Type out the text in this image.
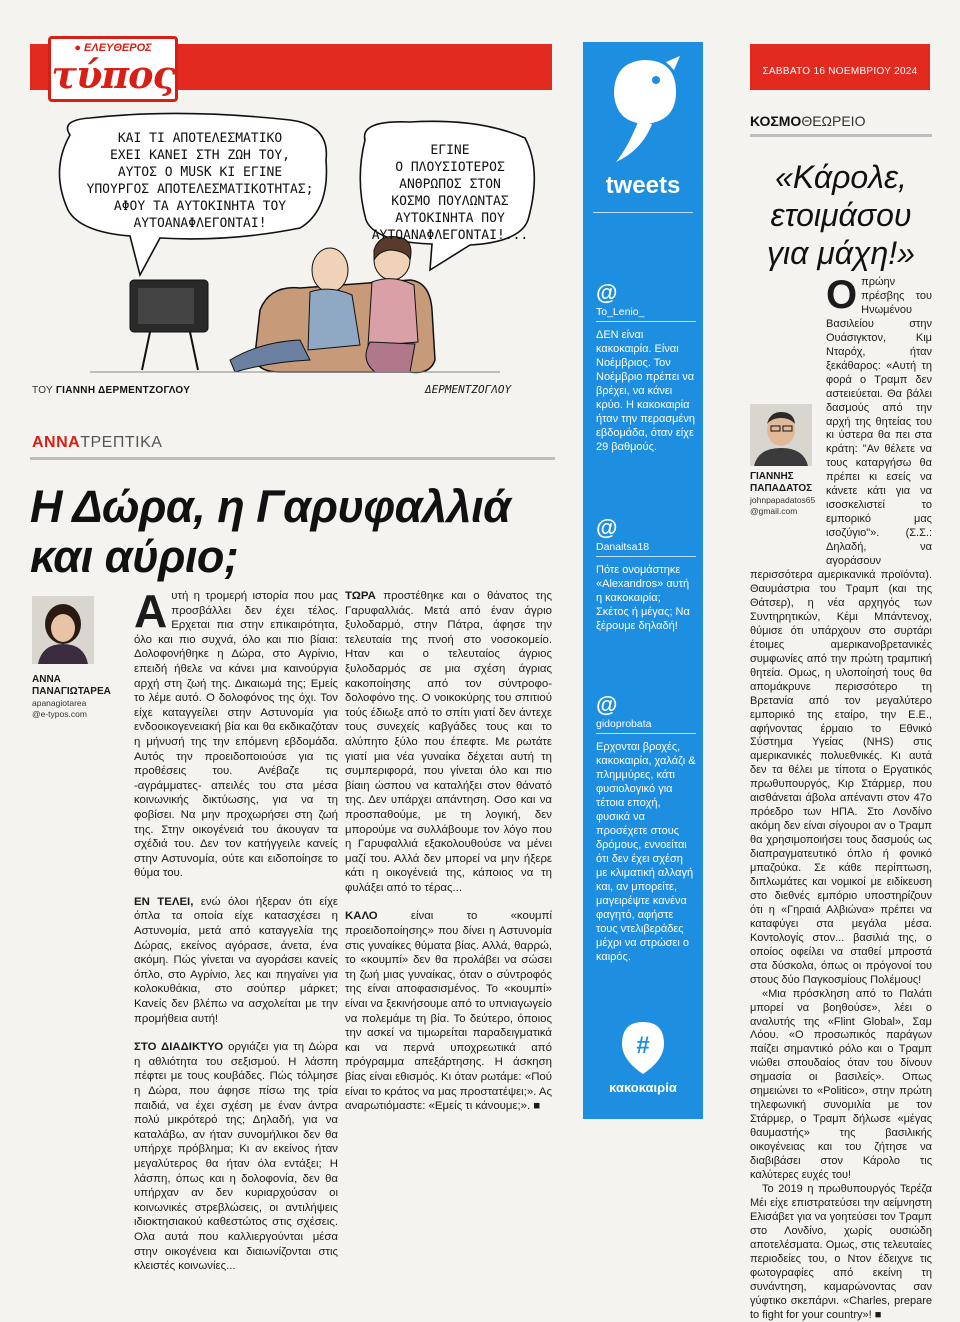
● ΕΛΕΥΘΕΡΟΣ
τύπος
ΚΑΙ ΤΙ ΑΠΟΤΕΛΕΣΜΑΤΙΚΟ
ΕΧΕΙ ΚΑΝΕΙ ΣΤΗ ΖΩΗ ΤΟΥ,
ΑΥΤΟΣ Ο MUSK ΚΙ ΕΓΙΝΕ
ΥΠΟΥΡΓΟΣ ΑΠΟΤΕΛΕΣΜΑΤΙΚΟΤΗΤΑΣ;
ΑΦΟΥ ΤΑ ΑΥΤΟΚΙΝΗΤΑ ΤΟΥ
ΑΥΤΟΑΝΑΦΛΕΓΟΝΤΑΙ!
ΕΓΙΝΕ
Ο ΠΛΟΥΣΙΟΤΕΡΟΣ
ΑΝΘΡΩΠΟΣ ΣΤΟΝ
ΚΟΣΜΟ ΠΟΥΛΩΝΤΑΣ
ΑΥΤΟΚΙΝΗΤΑ ΠΟΥ
ΑΥΤΟΑΝΑΦΛΕΓΟΝΤΑΙ!...
ΤΟΥ ΓΙΑΝΝΗ ΔΕΡΜΕΝΤΖΟΓΛΟΥ	ΔΕΡΜΕΝΤΖΟΓΛΟΥ
ΑΝΝΑΤΡΕΠΤΙΚΑ
Η Δώρα, η Γαρυφαλλιά
και αύριο;
ΑΝΝΑ
ΠΑΝΑΓΙΩΤΑΡΕΑ
apanagiotarea
@e-typos.com

Αυτή η τρομερή ιστορία που μας προσβάλλει δεν έχει τέλος. Ερχεται πια στην επικαιρότητα, όλο και πιο συχνά, όλο και πιο βίαια: Δολοφονήθηκε η Δώρα, στο Αγρίνιο, επειδή ήθελε να κάνει μια καινούργια αρχή στη ζωή της. Δικαιωμά της; Εμείς το λέμε αυτό. Ο δολοφόνος της όχι. Τον είχε καταγγείλει στην Αστυνομία για ενδοοικογενειακή βία και θα εκδικαζόταν η μήνυσή της την επόμενη εβδομάδα. Αυτός την προειδοποιούσε για τις προθέσεις του. Ανέβαζε τις -αγράμματες- απειλές του στα μέσα κοινωνικής δικτύωσης, για να τη φοβίσει. Να μην προχωρήσει στη ζωή της. Στην οικογένειά του άκουγαν τα σχέδιά του. Δεν τον κατήγγειλε κανείς στην Αστυνομία, ούτε και ειδοποίησε το θύμα του.

ΕΝ ΤΕΛΕΙ, ενώ όλοι ήξεραν ότι είχε όπλα τα οποία είχε κατασχέσει η Αστυνομία, μετά από καταγγελία της Δώρας, εκείνος αγόρασε, άνετα, ένα ακόμη. Πώς γίνεται να αγοράσει κανείς όπλο, στο Αγρίνιο, λες και πηγαίνει για κολοκυθάκια, στο σούπερ μάρκετ; Κανείς δεν βλέπω να ασχολείται με την προμήθεια αυτή!

ΣΤΟ ΔΙΑΔΙΚΤΥΟ οργιάζει για τη Δώρα η αθλιότητα του σεξισμού. Η λάσπη πέφτει με τους κουβάδες. Πώς τόλμησε η Δώρα, που άφησε πίσω της τρία παιδιά, να έχει σχέση με έναν άντρα πολύ μικρότερό της; Δηλαδή, για να καταλάβω, αν ήταν συνομήλικοι δεν θα υπήρχε πρόβλημα; Κι αν εκείνος ήταν μεγαλύτερος θα ήταν όλα εντάξει; Η λάσπη, όπως και η δολοφονία, δεν θα υπήρχαν αν δεν κυριαρχούσαν οι κοινωνικές στρεβλώσεις, οι αντιλήψεις ιδιοκτησιακού καθεστώτος στις σχέσεις. Ολα αυτά που καλλιεργούνται μέσα στην οικογένεια και διαιωνίζονται στις κλειστές κοινωνίες...

ΤΩΡΑ προστέθηκε και ο θάνατος της Γαρυφαλλιάς. Μετά από έναν άγριο ξυλοδαρμό, στην Πάτρα, άφησε την τελευταία της πνοή στο νοσοκομείο. Ηταν και ο τελευταίος άγριος ξυλοδαρμός σε μια σχέση άγριας κακοποίησης από τον σύντροφο-δολοφόνο της. Ο νοικοκύρης του σπιτιού τούς έδιωξε από το σπίτι γιατί δεν άντεχε τους συνεχείς καβγάδες τους και το αλύπητο ξύλο που έπεφτε. Με ρωτάτε γιατί μια νέα γυναίκα δέχεται αυτή τη συμπεριφορά, που γίνεται όλο και πιο βίαιη ώσπου να καταλήξει στον θάνατό της. Δεν υπάρχει απάντηση. Οσο και να προσπαθούμε, με τη λογική, δεν μπορούμε να συλλάβουμε τον λόγο που η Γαρυφαλλιά εξακολουθούσε να μένει μαζί του. Αλλά δεν μπορεί να μην ήξερε κάτι η οικογένειά της, κάποιος να τη φυλάξει από το τέρας...

ΚΑΛΟ είναι το «κουμπί προειδοποίησης» που δίνει η Αστυνομία στις γυναίκες θύματα βίας. Αλλά, θαρρώ, το «κουμπί» δεν θα προλάβει να σώσει τη ζωή μιας γυναίκας, όταν ο σύντροφός της είναι αποφασισμένος. Το «κουμπί» είναι να ξεκινήσουμε από το υπνιαγωγείο να πολεμάμε τη βία. Το δεύτερο, όποιος την ασκεί να τιμωρείται παραδειγματικά και να περνά υποχρεωτικά από πρόγραμμα απεξάρτησης. Η άσκηση βίας είναι εθισμός. Κι όταν ρωτάμε: «Πού είναι το κράτος να μας προστατέψει;». Ας αναρωτιόμαστε: «Εμείς τι κάνουμε;». ■

tweets
@
To_Lenio_
ΔΕΝ είναι κακοκαιρία. Είναι Νοέμβριος. Τον Νοέμβριο πρέπει να βρέχει, να κάνει κρύο. Η κακοκαιρία ήταν την περασμένη εβδομάδα, όταν είχε 29 βαθμούς.
@
Danaitsa18
Πότε ονομάστηκε «Alexandros» αυτή η κακοκαιρία; Σκέτος ή μέγας; Να ξέρουμε δηλαδή!
@
gidoprobata
Ερχονται βροχές, κακοκαιρία, χαλάζι & πλημμύρες, κάτι φυσιολογικό για τέτοια εποχή, φυσικά να προσέχετε στους δρόμους, εννοείται ότι δεν έχει σχέση με κλιματική αλλαγή και, αν μπορείτε, μαγειρέψτε κανένα φαγητό, αφήστε τους ντελιβεράδες μέχρι να στρώσει ο καιρός.
#
κακοκαιρία
ΣΑΒΒΑΤΟ 16 ΝΟΕΜΒΡΙΟΥ 2024
ΚΟΣΜΟΘΕΩΡΕΙΟ
«Κάρολε,
ετοιμάσου
για μάχη!»
ΓΙΑΝΝΗΣ
ΠΑΠΑΔΑΤΟΣ
johnpapadatos65
@gmail.com

Οπρώην πρέσβης του Ηνωμένου Βασιλείου στην Ουάσιγκτον, Κιμ Νταρόχ, ήταν ξεκάθαρος: «Αυτή τη φορά ο Τραμπ δεν αστειεύεται. Θα βάλει δασμούς από την αρχή της θητείας του κι ύστερα θα πει στα κράτη: "Αν θέλετε να τους καταργήσω θα πρέπει κι εσείς να κάνετε κάτι για να ισοσκελιστεί το εμπορικό μας ισοζύγιο"». (Σ.Σ.: Δηλαδή, να αγοράσουν περισσότερα αμερικανικά προϊόντα). Θαυμάστρια του Τραμπ (και της Θάτσερ), η νέα αρχηγός των Συντηρητικών, Κέμι Μπάντενοχ, θύμισε ότι υπάρχουν στο συρτάρι έτοιμες αμερικανοβρετανικές συμφωνίες από την πρώτη τραμπική θητεία. Ομως, η υλοποίησή τους θα απομάκρυνε περισσότερο τη Βρετανία από τον μεγαλύτερο εμπορικό της εταίρο, την Ε.Ε., αφήνοντας έρμαιο το Εθνικό Σύστημα Υγείας (NHS) στις αμερικανικές πολυεθνικές. Κι αυτά δεν τα θέλει με τίποτα ο Εργατικός πρωθυπουργός, Κιρ Στάρμερ, που αισθάνεται άβολα απέναντι στον 47ο πρόεδρο των ΗΠΑ. Στο Λονδίνο ακόμη δεν είναι σίγουροι αν ο Τραμπ θα χρησιμοποιήσει τους δασμούς ως διαπραγματευτικό όπλο ή φονικό μπαζούκα. Σε κάθε περίπτωση, διπλωμάτες και νομικοί με ειδίκευση στο διεθνές εμπόριο υποστηρίζουν ότι η «Γηραιά Αλβιώνα» πρέπει να καταφύγει στα μεγάλα μέσα. Κοντολογίς στον... βασιλιά της, ο οποίος οφείλει να σταθεί μπροστά στα δύσκολα, όπως οι πρόγονοί του στους δύο Παγκοσμίους Πολέμους!

«Μια πρόσκληση από το Παλάτι μπορεί να βοηθούσε», λέει ο αναλυτής της «Flint Global», Σαμ Λόου. «Ο προσωπικός παράγων παίζει σημαντικό ρόλο και ο Τραμπ νιώθει σπουδαίος όταν του δίνουν σημασία οι βασιλείς». Οπως σημειώνει το «Politico», στην πρώτη τηλεφωνική συνομιλία με τον Στάρμερ, ο Τραμπ δήλωσε «μέγας θαυμαστής» της βασιλικής οικογένειας και του ζήτησε να διαβιβάσει στον Κάρολο τις καλύτερες ευχές του!

Το 2019 η πρωθυπουργός Τερέζα Μέι είχε επιστρατεύσει την αείμνηστη Ελισάβετ για να γοητεύσει τον Τραμπ στο Λονδίνο, χωρίς ουσιώδη αποτελέσματα. Ομως, στις τελευταίες περιοδείες του, ο Ντον έδειχνε τις φωτογραφίες από εκείνη τη συνάντηση, καμαρώνοντας σαν γύφτικο σκεπάρνι. «Charles, prepare to fight for your country»! ■
